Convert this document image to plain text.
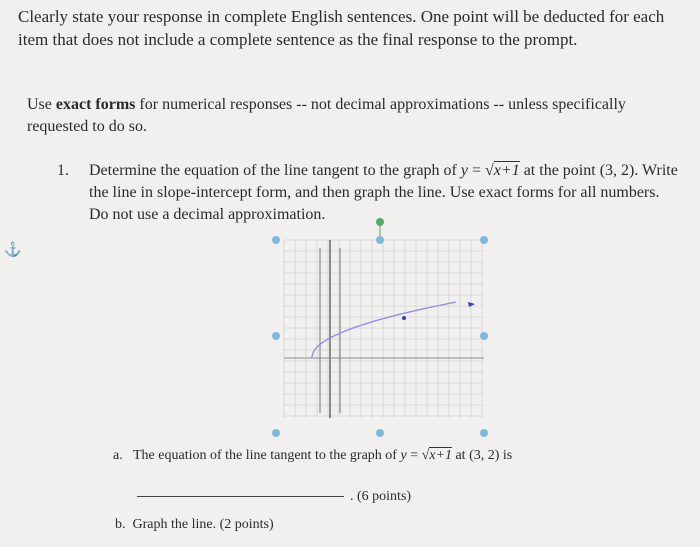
Clearly state your response in complete English sentences. One point will be deducted for each item that does not include a complete sentence as the final response to the prompt.
Use exact forms for numerical responses -- not decimal approximations -- unless specifically requested to do so.
1. Determine the equation of the line tangent to the graph of y = √x+1 at the point (3, 2). Write the line in slope-intercept form, and then graph the line. Use exact forms for all numbers. Do not use a decimal approximation.
⚓
a. The equation of the line tangent to the graph of y = √x+1 at (3, 2) is
. (6 points)
b. Graph the line. (2 points)
